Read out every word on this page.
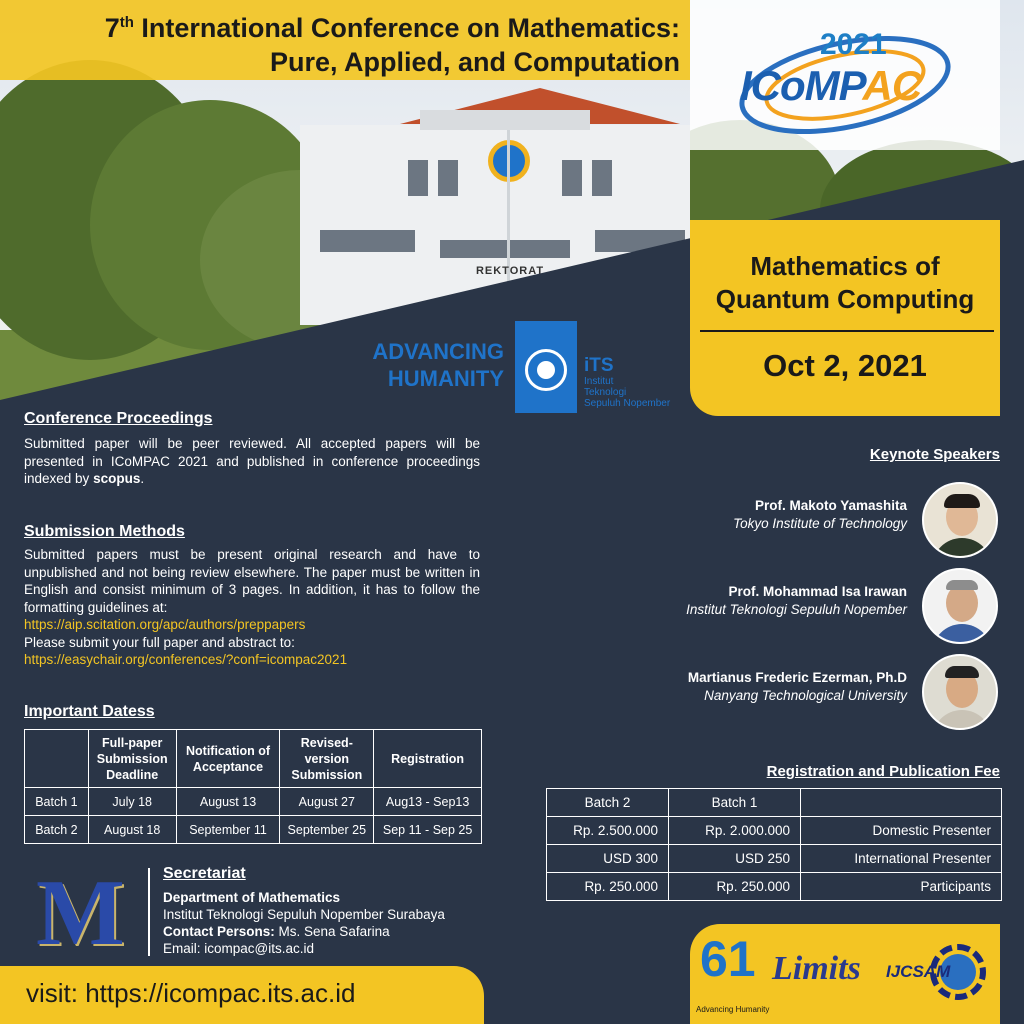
REKTORAT
7th International Conference on Mathematics:
Pure, Applied, and Computation
2021
ICoMPAC
Mathematics of
Quantum Computing
Oct 2, 2021
ADVANCING
HUMANITY
iTS
Institut
Teknologi
Sepuluh Nopember
Conference Proceedings
Submitted paper will be peer reviewed. All accepted papers will be presented in ICoMPAC 2021 and published in conference proceedings indexed by scopus.
Submission Methods
Submitted papers must be present original research and have to unpublished and not being review elsewhere. The paper must be written in English and consist minimum of 3 pages. In addition, it has to follow the formatting guidelines at:
https://aip.scitation.org/apc/authors/preppapers
Please submit your full paper and abstract to:
https://easychair.org/conferences/?conf=icompac2021
Important Datess
	Full-paper Submission Deadline	Notification of Acceptance	Revised-version Submission	Registration
Batch 1	July 18	August 13	August 27	Aug13 - Sep13
Batch 2	August 18	September 11	September 25	Sep 11 - Sep 25
M Secretariat
Department of Mathematics
Institut Teknologi Sepuluh Nopember Surabaya
Contact Persons: Ms. Sena Safarina
Email: icompac@its.ac.id
visit: https://icompac.its.ac.id
Keynote Speakers
Prof. Makoto Yamashita
Tokyo Institute of Technology
Prof. Mohammad Isa Irawan
Institut Teknologi Sepuluh Nopember
Martianus Frederic Ezerman, Ph.D
Nanyang Technological University
Registration and Publication Fee
Batch 2	Batch 1	
Rp. 2.500.000	Rp. 2.000.000	Domestic Presenter
USD 300	USD 250	International Presenter
Rp. 250.000	Rp. 250.000	Participants
61
Advancing Humanity
Limits IJCSAM
